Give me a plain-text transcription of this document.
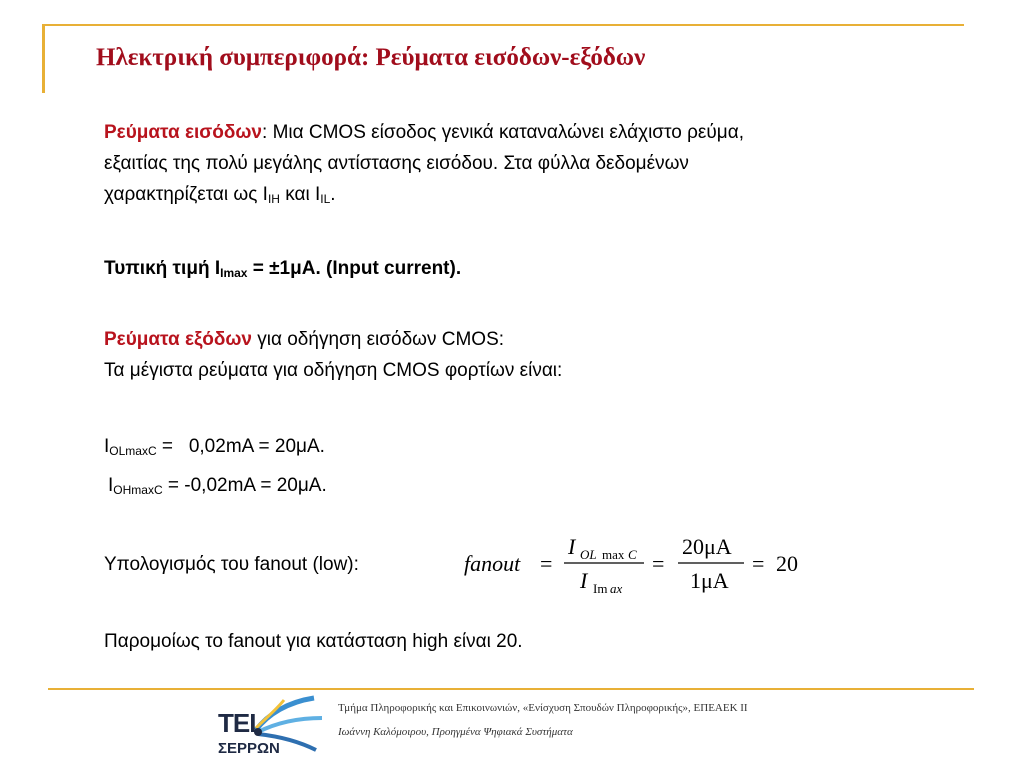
Ηλεκτρική συμπεριφορά: Ρεύματα εισόδων-εξόδων

Ρεύματα εισόδων: Μια CMOS είσοδος γενικά καταναλώνει ελάχιστο ρεύμα,

εξαιτίας της πολύ μεγάλης αντίστασης εισόδου. Στα φύλλα δεδομένων

χαρακτηρίζεται ως $I_{IH}$ και $I_{IL}$.

Τυπική τιμή $I_{Imax} = \pm 1\mu A$. (Input current).

Ρεύματα εξόδων για οδήγηση εισόδων CMOS:

Τα μέγιστα ρεύματα για οδήγηση CMOS φορτίων είναι:

$I_{OLmaxC} = 0,02mA = 20\mu A$.
$I_{OHmaxC} = -0,02mA = 20\mu A$.
Υπολογισμός του fanout (low):	fanout =
I OL max C
I Im ax
=
20μA
1μA
= 20
Παρομοίως το fanout για κατάσταση high είναι 20.
ΤΕΙ
ΣΕΡΡΩΝ
Τμήμα Πληροφορικής και Επικοινωνιών, «Ενίσχυση Σπουδών Πληροφορικής», ΕΠΕΑΕΚ ΙΙ
Ιωάννη Καλόμοιρου, Προηγμένα Ψηφιακά Συστήματα
